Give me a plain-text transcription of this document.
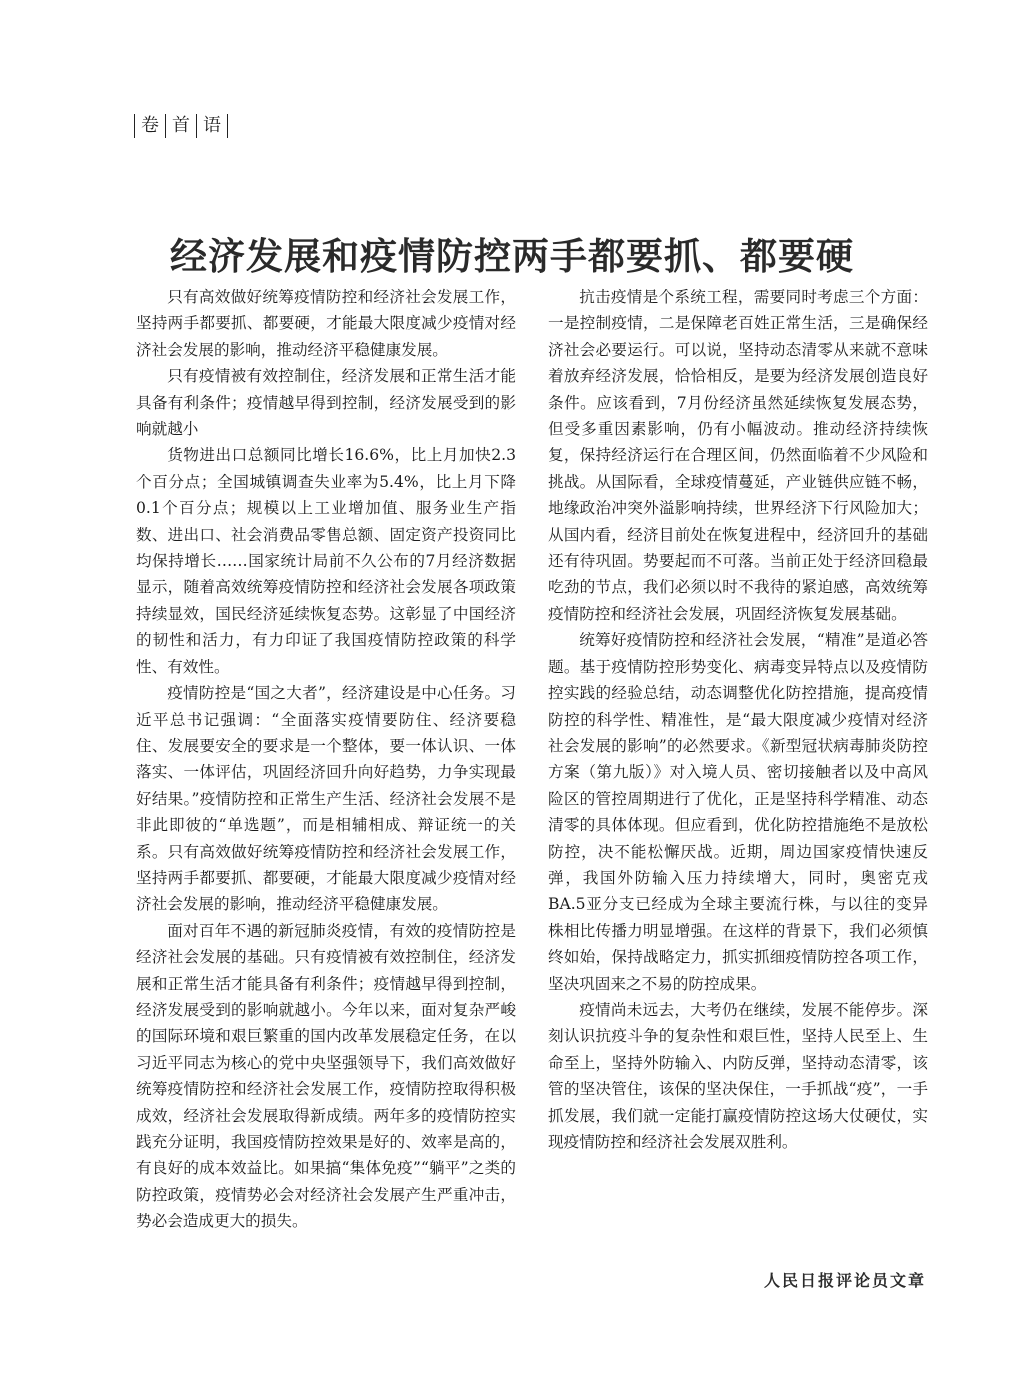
卷 首 语
经济发展和疫情防控两手都要抓、都要硬

只有高效做好统筹疫情防控和经济社会发展工作，坚持两手都要抓、都要硬，才能最大限度减少疫情对经济社会发展的影响，推动经济平稳健康发展。

只有疫情被有效控制住，经济发展和正常生活才能具备有利条件；疫情越早得到控制，经济发展受到的影响就越小

货物进出口总额同比增长16.6%，比上月加快2.3个百分点；全国城镇调查失业率为5.4%，比上月下降0.1个百分点；规模以上工业增加值、服务业生产指数、进出口、社会消费品零售总额、固定资产投资同比均保持增长……国家统计局前不久公布的7月经济数据显示，随着高效统筹疫情防控和经济社会发展各项政策持续显效，国民经济延续恢复态势。这彰显了中国经济的韧性和活力，有力印证了我国疫情防控政策的科学性、有效性。

疫情防控是“国之大者”，经济建设是中心任务。习近平总书记强调：“全面落实疫情要防住、经济要稳住、发展要安全的要求是一个整体，要一体认识、一体落实、一体评估，巩固经济回升向好趋势，力争实现最好结果。”疫情防控和正常生产生活、经济社会发展不是非此即彼的“单选题”，而是相辅相成、辩证统一的关系。只有高效做好统筹疫情防控和经济社会发展工作，坚持两手都要抓、都要硬，才能最大限度减少疫情对经济社会发展的影响，推动经济平稳健康发展。

面对百年不遇的新冠肺炎疫情，有效的疫情防控是经济社会发展的基础。只有疫情被有效控制住，经济发展和正常生活才能具备有利条件；疫情越早得到控制，经济发展受到的影响就越小。今年以来，面对复杂严峻的国际环境和艰巨繁重的国内改革发展稳定任务，在以习近平同志为核心的党中央坚强领导下，我们高效做好统筹疫情防控和经济社会发展工作，疫情防控取得积极成效，经济社会发展取得新成绩。两年多的疫情防控实践充分证明，我国疫情防控效果是好的、效率是高的，有良好的成本效益比。如果搞“集体免疫”“躺平”之类的防控政策，疫情势必会对经济社会发展产生严重冲击，势必会造成更大的损失。

抗击疫情是个系统工程，需要同时考虑三个方面：一是控制疫情，二是保障老百姓正常生活，三是确保经济社会必要运行。可以说，坚持动态清零从来就不意味着放弃经济发展，恰恰相反，是要为经济发展创造良好条件。应该看到，7月份经济虽然延续恢复发展态势，但受多重因素影响，仍有小幅波动。推动经济持续恢复，保持经济运行在合理区间，仍然面临着不少风险和挑战。从国际看，全球疫情蔓延，产业链供应链不畅，地缘政治冲突外溢影响持续，世界经济下行风险加大；从国内看，经济目前处在恢复进程中，经济回升的基础还有待巩固。势要起而不可落。当前正处于经济回稳最吃劲的节点，我们必须以时不我待的紧迫感，高效统筹疫情防控和经济社会发展，巩固经济恢复发展基础。

统筹好疫情防控和经济社会发展，“精准”是道必答题。基于疫情防控形势变化、病毒变异特点以及疫情防控实践的经验总结，动态调整优化防控措施，提高疫情防控的科学性、精准性，是“最大限度减少疫情对经济社会发展的影响”的必然要求。《新型冠状病毒肺炎防控方案（第九版）》对入境人员、密切接触者以及中高风险区的管控周期进行了优化，正是坚持科学精准、动态清零的具体体现。但应看到，优化防控措施绝不是放松防控，决不能松懈厌战。近期，周边国家疫情快速反弹，我国外防输入压力持续增大，同时，奥密克戎BA.5亚分支已经成为全球主要流行株，与以往的变异株相比传播力明显增强。在这样的背景下，我们必须慎终如始，保持战略定力，抓实抓细疫情防控各项工作，坚决巩固来之不易的防控成果。

疫情尚未远去，大考仍在继续，发展不能停步。深刻认识抗疫斗争的复杂性和艰巨性，坚持人民至上、生命至上，坚持外防输入、内防反弹，坚持动态清零，该管的坚决管住，该保的坚决保住，一手抓战“疫”，一手抓发展，我们就一定能打赢疫情防控这场大仗硬仗，实现疫情防控和经济社会发展双胜利。

人民日报评论员文章
